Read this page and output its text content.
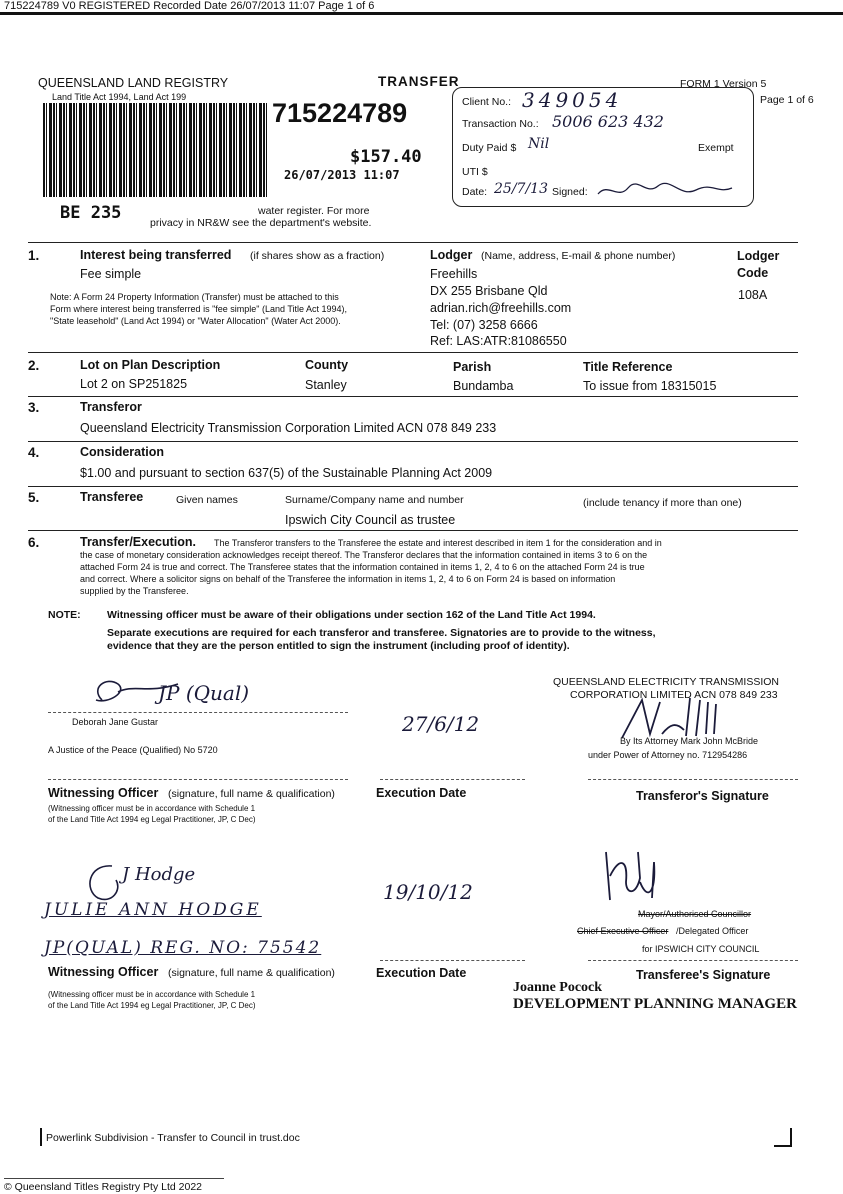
715224789 V0 REGISTERED Recorded Date 26/07/2013 11:07 Page 1 of 6
QUEENSLAND LAND REGISTRY
Land Title Act 1994, Land Act 199
TRANSFER	FORM 1 Version 5
Page 1 of 6
715224789
$157.40
26/07/2013 11:07
BE 235	water register. For more
privacy in NR&W see the department's website.
Client No.: 349054
Transaction No.: 5006 623 432
Duty Paid $ Nil	Exempt
UTI $
Date: 25/7/13 Signed:
1.	Interest being transferred (if shares show as a fraction)
Fee simple
Note: A Form 24 Property Information (Transfer) must be attached to this
Form where interest being transferred is "fee simple" (Land Title Act 1994),
"State leasehold" (Land Act 1994) or "Water Allocation" (Water Act 2000).
Lodger (Name, address, E-mail & phone number)	Lodger Code
108A
Freehills
DX 255 Brisbane Qld
adrian.rich@freehills.com
Tel: (07) 3258 6666
Ref: LAS:ATR:81086550
2.	Lot on Plan Description	County	Parish	Title Reference
Lot 2 on SP251825	Stanley	Bundamba	To issue from 18315015
3.	Transferor
Queensland Electricity Transmission Corporation Limited ACN 078 849 233
4.	Consideration
$1.00 and pursuant to section 637(5) of the Sustainable Planning Act 2009
5.	Transferee	Given names	Surname/Company name and number	(include tenancy if more than one)
Ipswich City Council as trustee
6.	Transfer/Execution. The Transferor transfers to the Transferee the estate and interest described in item 1 for the consideration and in
the case of monetary consideration acknowledges receipt thereof. The Transferor declares that the information contained in items 3 to 6 on the
attached Form 24 is true and correct. The Transferee states that the information contained in items 1, 2, 4 to 6 on the attached Form 24 is true
and correct. Where a solicitor signs on behalf of the Transferee the information in items 1, 2, 4 to 6 on Form 24 is based on information
supplied by the Transferee.
NOTE:	Witnessing officer must be aware of their obligations under section 162 of the Land Title Act 1994.
Separate executions are required for each transferor and transferee. Signatories are to provide to the witness,
evidence that they are the person entitled to sign the instrument (including proof of identity).
JP (Qual)
Deborah Jane Gustar	27/6/12
A Justice of the Peace (Qualified) No 5720
QUEENSLAND ELECTRICITY TRANSMISSION
CORPORATION LIMITED ACN 078 849 233
By Its Attorney Mark John McBride
under Power of Attorney no. 712954286
Witnessing Officer (signature, full name & qualification)	Execution Date	Transferor's Signature
(Witnessing officer must be in accordance with Schedule 1
of the Land Title Act 1994 eg Legal Practitioner, JP, C Dec)
J Hodge
JULIE ANN HODGE
JP(QUAL) REG. NO: 75542
19/10/12
Mayor/Authorised Councillor
Chief Executive Officer /Delegated Officer
for IPSWICH CITY COUNCIL
Witnessing Officer (signature, full name & qualification)	Execution Date	Transferee's Signature
Joanne Pocock
DEVELOPMENT PLANNING MANAGER
(Witnessing officer must be in accordance with Schedule 1
of the Land Title Act 1994 eg Legal Practitioner, JP, C Dec)
Powerlink Subdivision - Transfer to Council in trust.doc
© Queensland Titles Registry Pty Ltd 2022
